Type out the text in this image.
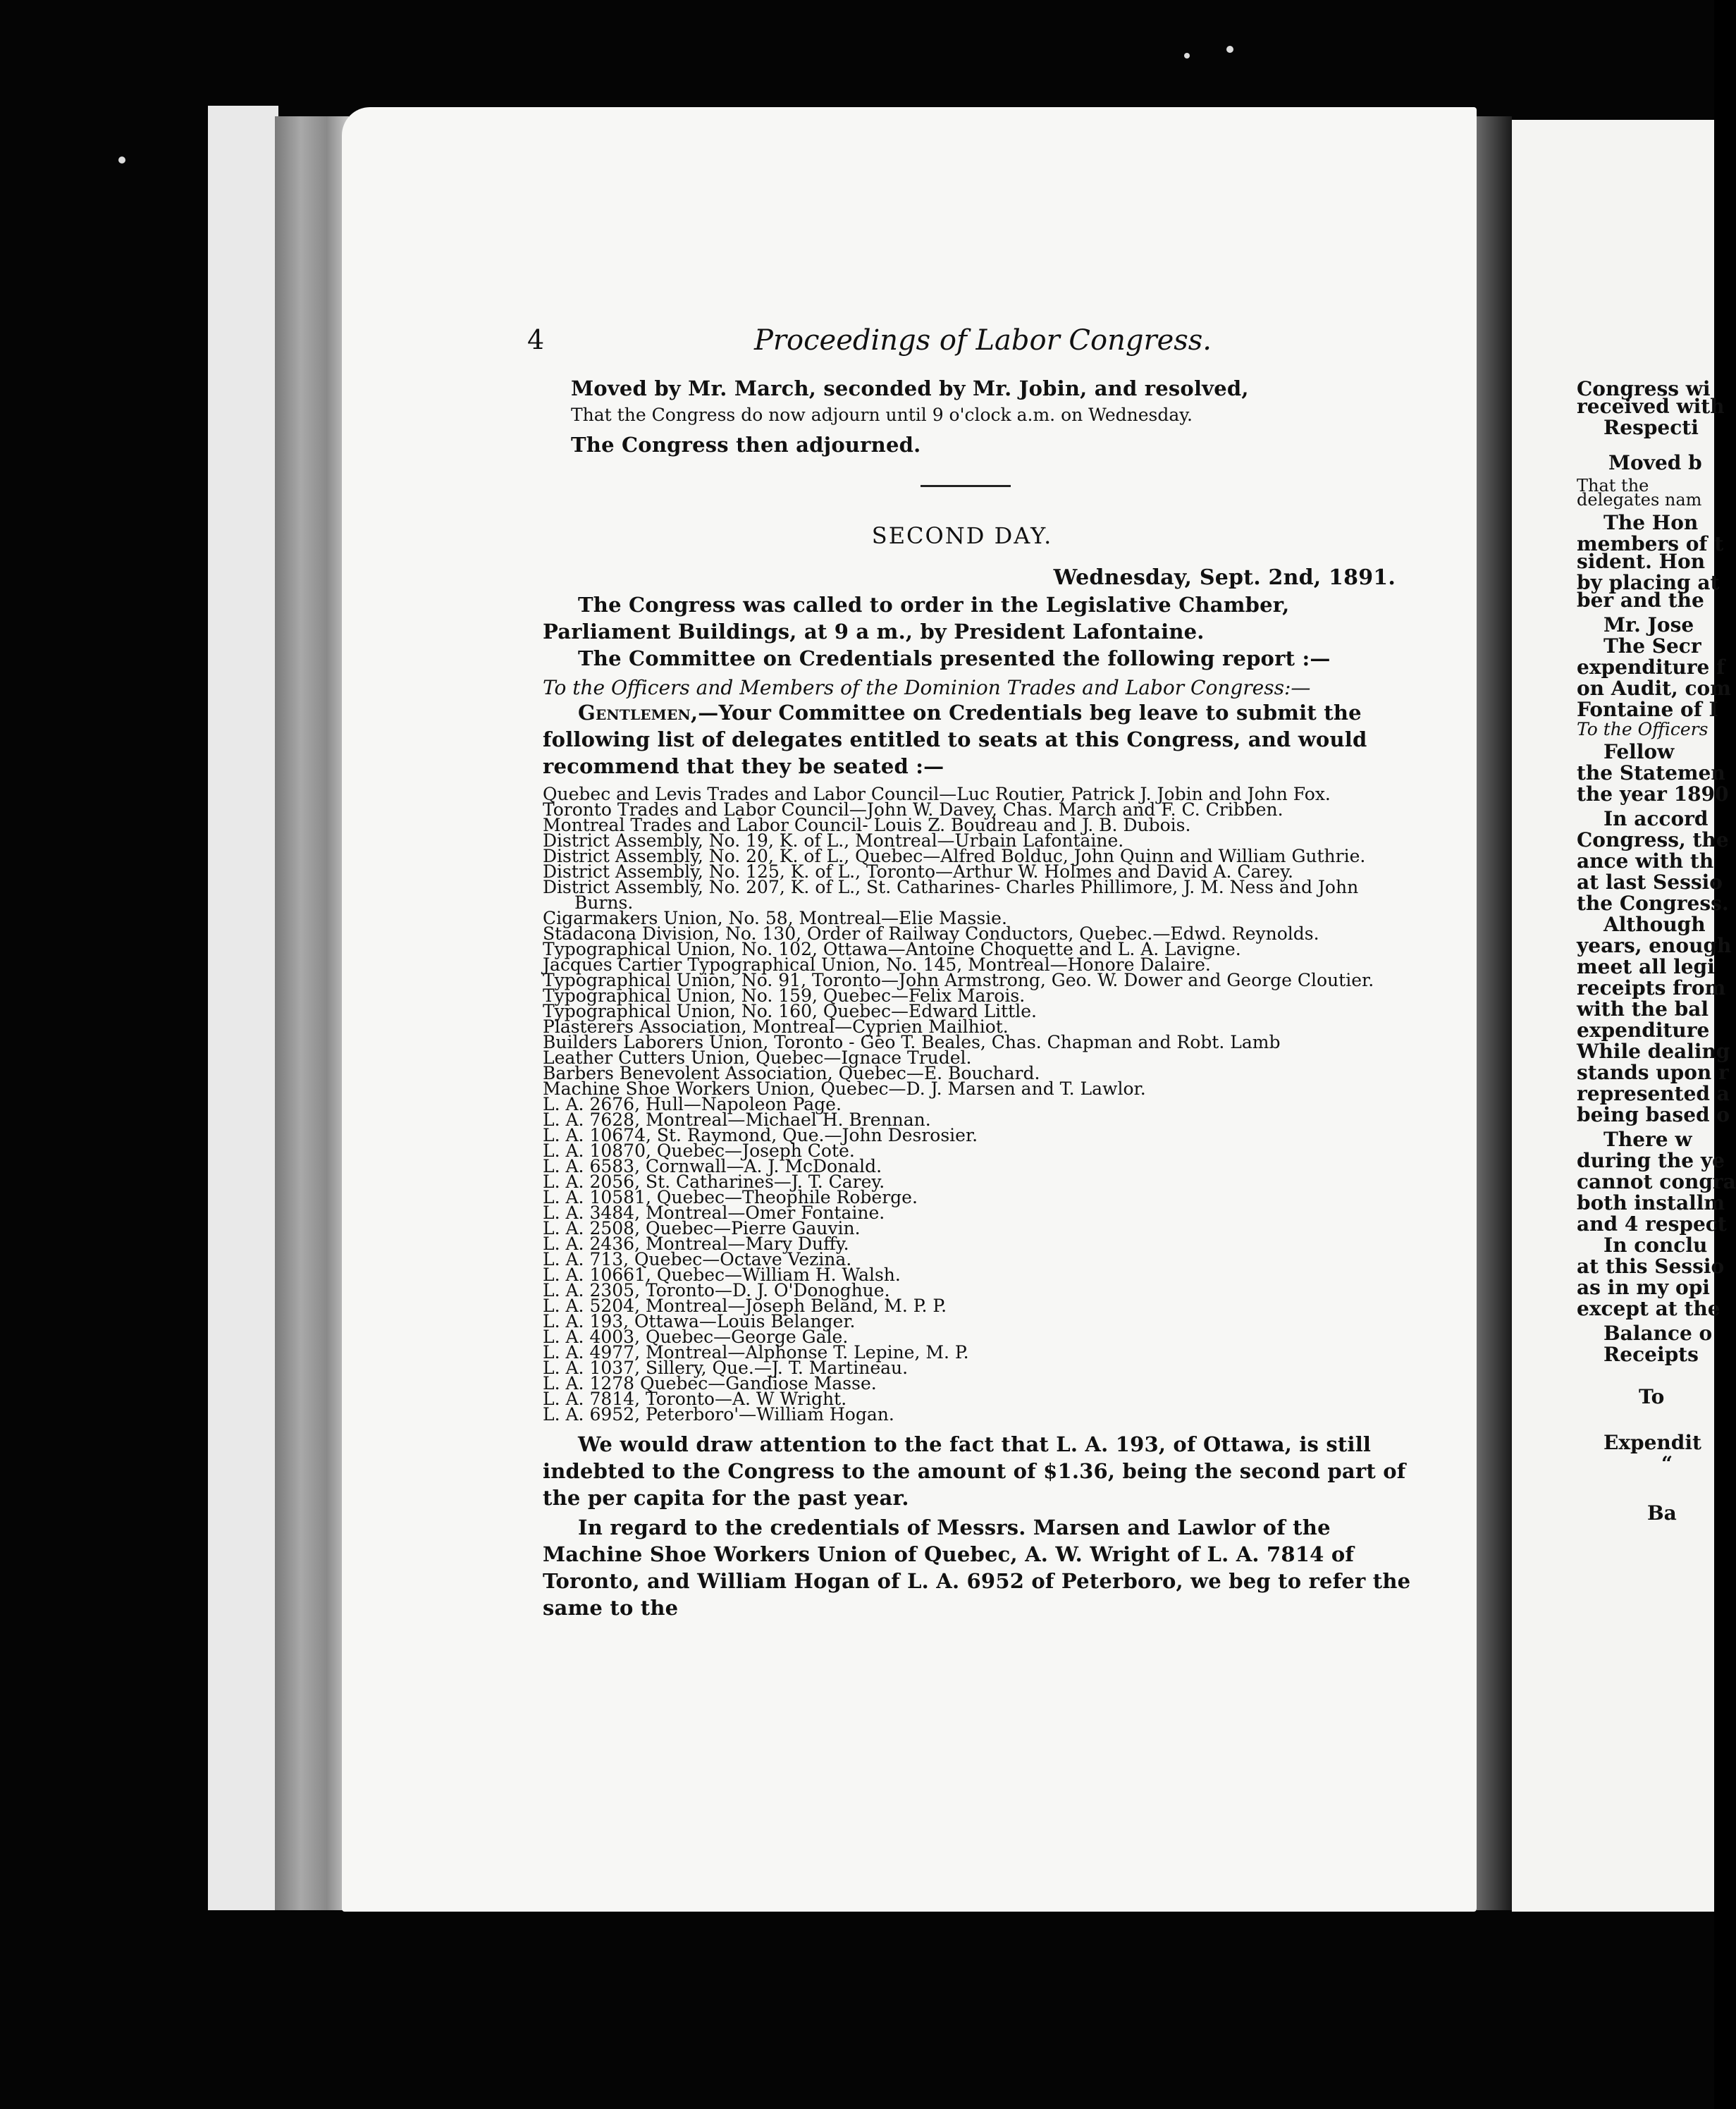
Congress wi
received with
Respecti
Moved b
That the
delegates nam
The Hon
members of t
sident. Hon
by placing at
ber and the
Mr. Jose
The Secr
expenditure f
on Audit, com
Fontaine of I
To the Officers
Fellow
the Statemen
the year 1890
In accord
Congress, the
ance with th
at last Sessio
the Congress.
Although
years, enough
meet all legi
receipts from
with the bal
expenditure
While dealing
stands upon r
represented a
being based o
There w
during the ye
cannot congra
both installm
and 4 respect
In conclu
at this Sessio
as in my opi
except at the
Balance o
Receipts
To
Expendit
“
Ba
4	Proceedings of Labor Congress.

Moved by Mr. March, seconded by Mr. Jobin, and resolved,

That the Congress do now adjourn until 9 o'clock a.m. on Wednesday.

The Congress then adjourned.

SECOND DAY.

Wednesday, Sept. 2nd, 1891.

The Congress was called to order in the Legislative Chamber, Parliament Buildings, at 9 a m., by President Lafontaine.

The Committee on Credentials presented the following report :—

To the Officers and Members of the Dominion Trades and Labor Congress:—

Gentlemen,—Your Committee on Credentials beg leave to submit the following list of delegates entitled to seats at this Congress, and would recommend that they be seated :—

Quebec and Levis Trades and Labor Council—Luc Routier, Patrick J. Jobin and John Fox.
Toronto Trades and Labor Council—John W. Davey, Chas. March and F. C. Cribben.
Montreal Trades and Labor Council- Louis Z. Boudreau and J. B. Dubois.
District Assembly, No. 19, K. of L., Montreal—Urbain Lafontaine.
District Assembly, No. 20, K. of L., Quebec—Alfred Bolduc, John Quinn and William Guthrie.
District Assembly, No. 125, K. of L., Toronto—Arthur W. Holmes and David A. Carey.
District Assembly, No. 207, K. of L., St. Catharines- Charles Phillimore, J. M. Ness and John Burns.
Cigarmakers Union, No. 58, Montreal—Elie Massie.
Stadacona Division, No. 130, Order of Railway Conductors, Quebec.—Edwd. Reynolds.
Typographical Union, No. 102, Ottawa—Antoine Choquette and L. A. Lavigne.
Jacques Cartier Typographical Union, No. 145, Montreal—Honore Dalaire.
Typographical Union, No. 91, Toronto—John Armstrong, Geo. W. Dower and George Cloutier.
Typographical Union, No. 159, Quebec—Felix Marois.
Typographical Union, No. 160, Quebec—Edward Little.
Plasterers Association, Montreal—Cyprien Mailhiot.
Builders Laborers Union, Toronto - Geo T. Beales, Chas. Chapman and Robt. Lamb
Leather Cutters Union, Quebec—Ignace Trudel.
Barbers Benevolent Association, Quebec—E. Bouchard.
Machine Shoe Workers Union, Quebec—D. J. Marsen and T. Lawlor.
L. A. 2676, Hull—Napoleon Page.
L. A. 7628, Montreal—Michael H. Brennan.
L. A. 10674, St. Raymond, Que.—John Desrosier.
L. A. 10870, Quebec—Joseph Cote.
L. A. 6583, Cornwall—A. J. McDonald.
L. A. 2056, St. Catharines—J. T. Carey.
L. A. 10581, Quebec—Theophile Roberge.
L. A. 3484, Montreal—Omer Fontaine.
L. A. 2508, Quebec—Pierre Gauvin.
L. A. 2436, Montreal—Mary Duffy.
L. A. 713, Quebec—Octave Vezina.
L. A. 10661, Quebec—William H. Walsh.
L. A. 2305, Toronto—D. J. O'Donoghue.
L. A. 5204, Montreal—Joseph Beland, M. P. P.
L. A. 193, Ottawa—Louis Belanger.
L. A. 4003, Quebec—George Gale.
L. A. 4977, Montreal—Alphonse T. Lepine, M. P.
L. A. 1037, Sillery, Que.—J. T. Martineau.
L. A. 1278 Quebec—Gandiose Masse.
L. A. 7814, Toronto—A. W Wright.
L. A. 6952, Peterboro'—William Hogan.

We would draw attention to the fact that L. A. 193, of Ottawa, is still indebted to the Congress to the amount of $1.36, being the second part of the per capita for the past year.

In regard to the credentials of Messrs. Marsen and Lawlor of the Machine Shoe Workers Union of Quebec, A. W. Wright of L. A. 7814 of Toronto, and William Hogan of L. A. 6952 of Peterboro, we beg to refer the same to the
